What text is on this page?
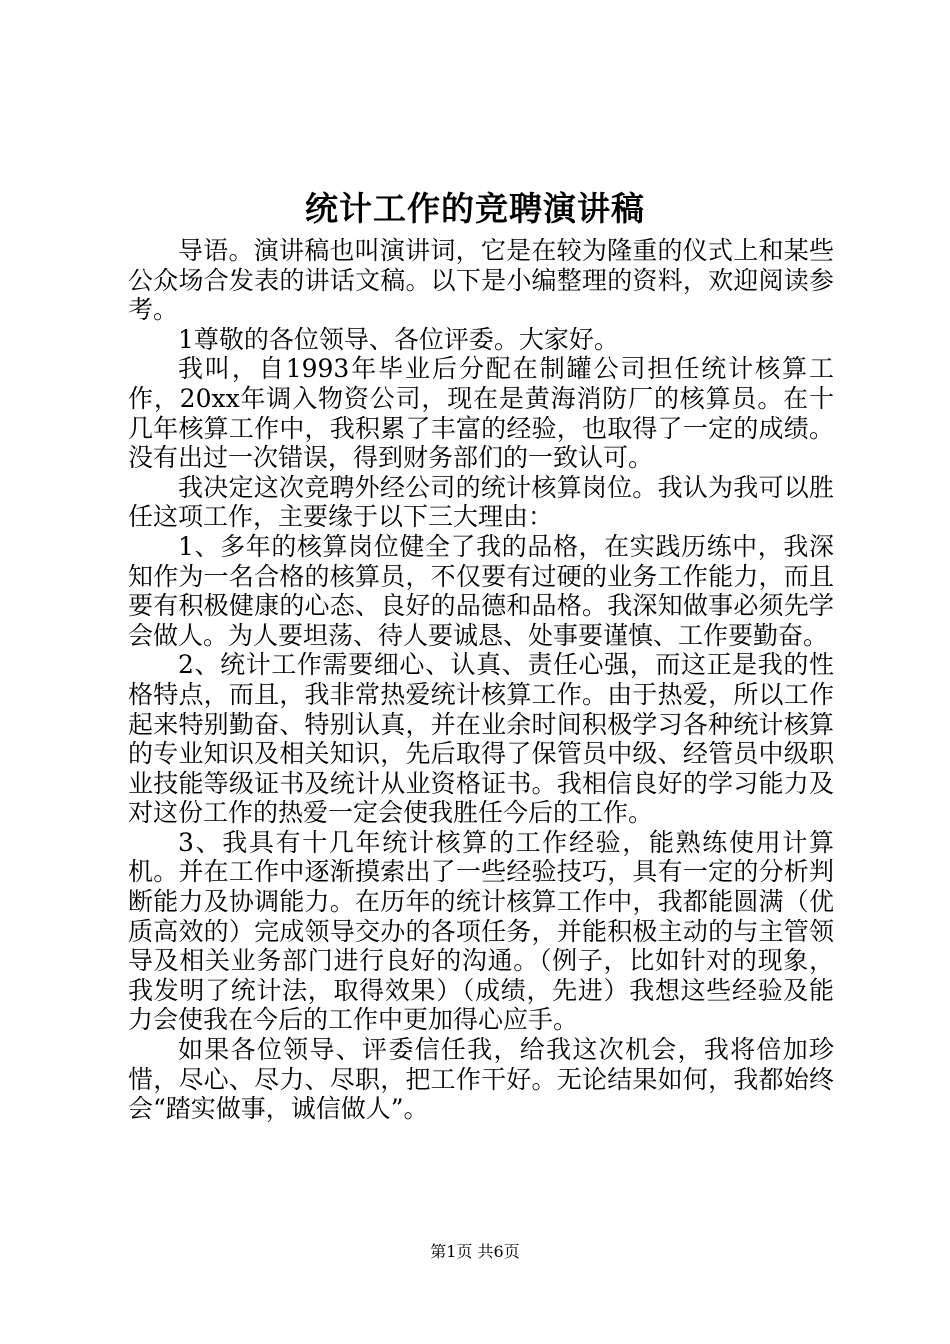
统计工作的竞聘演讲稿

导语。演讲稿也叫演讲词，它是在较为隆重的仪式上和某些公众场合发表的讲话文稿。以下是小编整理的资料，欢迎阅读参考。

1尊敬的各位领导、各位评委。大家好。

我叫，自1993年毕业后分配在制罐公司担任统计核算工作，20xx年调入物资公司，现在是黄海消防厂的核算员。在十几年核算工作中，我积累了丰富的经验，也取得了一定的成绩。没有出过一次错误，得到财务部们的一致认可。

我决定这次竞聘外经公司的统计核算岗位。我认为我可以胜任这项工作，主要缘于以下三大理由：

1、多年的核算岗位健全了我的品格，在实践历练中，我深知作为一名合格的核算员，不仅要有过硬的业务工作能力，而且要有积极健康的心态、良好的品德和品格。我深知做事必须先学会做人。为人要坦荡、待人要诚恳、处事要谨慎、工作要勤奋。

2、统计工作需要细心、认真、责任心强，而这正是我的性格特点，而且，我非常热爱统计核算工作。由于热爱，所以工作起来特别勤奋、特别认真，并在业余时间积极学习各种统计核算的专业知识及相关知识，先后取得了保管员中级、经管员中级职业技能等级证书及统计从业资格证书。我相信良好的学习能力及对这份工作的热爱一定会使我胜任今后的工作。

3、我具有十几年统计核算的工作经验，能熟练使用计算机。并在工作中逐渐摸索出了一些经验技巧，具有一定的分析判断能力及协调能力。在历年的统计核算工作中，我都能圆满（优质高效的）完成领导交办的各项任务，并能积极主动的与主管领导及相关业务部门进行良好的沟通。（例子，比如针对的现象，我发明了统计法，取得效果）（成绩，先进）我想这些经验及能力会使我在今后的工作中更加得心应手。

如果各位领导、评委信任我，给我这次机会，我将倍加珍惜，尽心、尽力、尽职，把工作干好。无论结果如何，我都始终会“踏实做事，诚信做人”。

第1页 共6页
